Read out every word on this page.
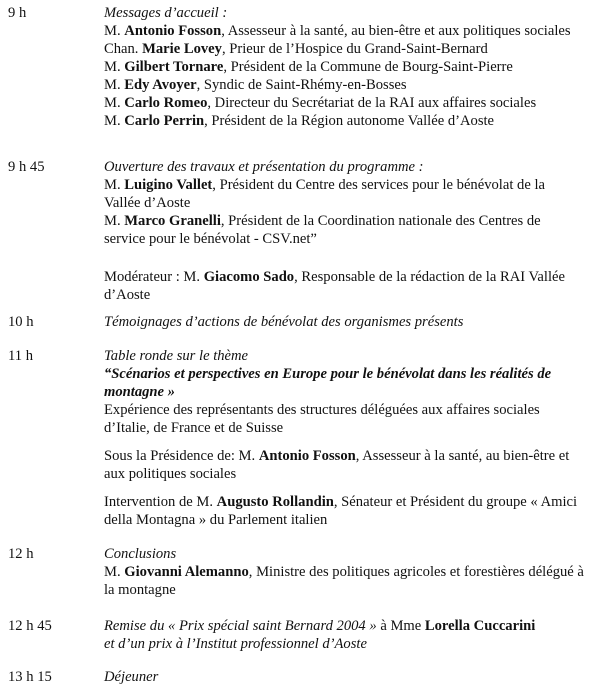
9 h	Messages d’accueil :
M. Antonio Fosson, Assesseur à la santé, au bien-être et aux politiques sociales
Chan. Marie Lovey, Prieur de l’Hospice du Grand-Saint-Bernard
M. Gilbert Tornare, Président de la Commune de Bourg-Saint-Pierre
M. Edy Avoyer, Syndic de Saint-Rhémy-en-Bosses
M. Carlo Romeo, Directeur du Secrétariat de la RAI aux affaires sociales
M. Carlo Perrin, Président de la Région autonome Vallée d’Aoste
9 h 45	Ouverture des travaux et présentation du programme :
M. Luigino Vallet, Président du Centre des services pour le bénévolat de la Vallée d’Aoste
M. Marco Granelli, Président de la Coordination nationale des Centres de service pour le bénévolat - CSV.net”
Modérateur : M. Giacomo Sado, Responsable de la rédaction de la RAI Vallée d’Aoste
10 h	Témoignages d’actions de bénévolat des organismes présents
11 h	Table ronde sur le thème
“Scénarios et perspectives en Europe pour le bénévolat dans les réalités de montagne »
Expérience des représentants des structures déléguées aux affaires sociales d’Italie, de France et de Suisse
Sous la Présidence de: M. Antonio Fosson, Assesseur à la santé, au bien-être et aux politiques sociales
Intervention de M. Augusto Rollandin, Sénateur et Président du groupe « Amici della Montagna » du Parlement italien
12 h	Conclusions
M. Giovanni Alemanno, Ministre des politiques agricoles et forestières délégué à la montagne
12 h 45	Remise du « Prix spécial saint Bernard 2004 » à Mme Lorella Cuccarini
et d’un prix à l’Institut professionnel d’Aoste
13 h 15	Déjeuner
